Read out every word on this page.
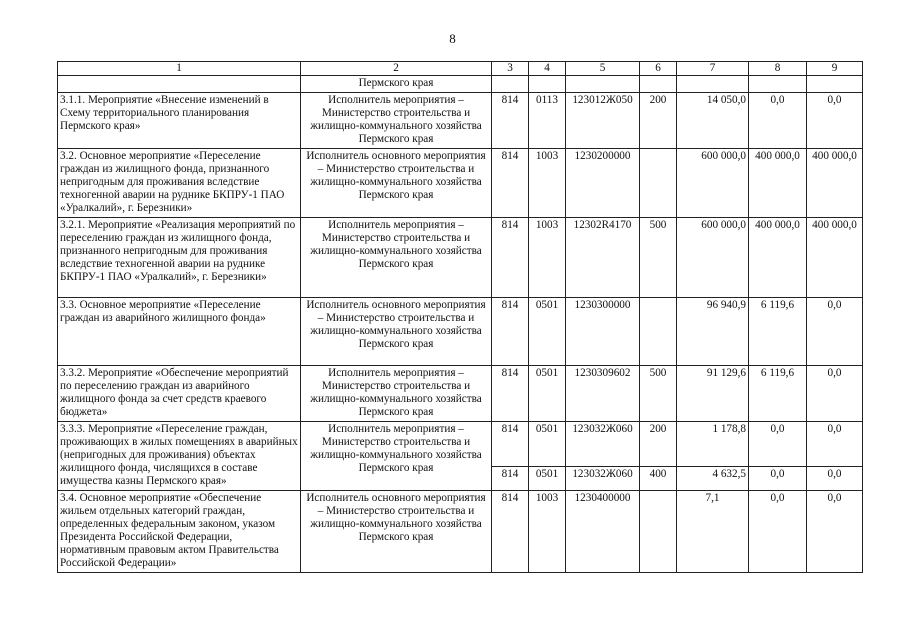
8
1	2	3	4	5	6	7	8	9
	Пермского края							
3.1.1. Мероприятие «Внесение изменений в Схему территориального планирования Пермского края»	Исполнитель мероприятия – Министерство строительства и жилищно-коммунального хозяйства Пермского края	814	0113	123012Ж050	200	14 050,0	0,0	0,0
3.2. Основное мероприятие «Переселение граждан из жилищного фонда, признанного непригодным для проживания вследствие техногенной аварии на руднике БКПРУ-1 ПАО «Уралкалий», г. Березники»	Исполнитель основного мероприятия – Министерство строительства и жилищно-коммунального хозяйства Пермского края	814	1003	1230200000		600 000,0	400 000,0	400 000,0
3.2.1. Мероприятие «Реализация мероприятий по переселению граждан из жилищного фонда, признанного непригодным для проживания вследствие техногенной аварии на руднике БКПРУ-1 ПАО «Уралкалий», г. Березники»	Исполнитель мероприятия – Министерство строительства и жилищно-коммунального хозяйства Пермского края	814	1003	12302R4170	500	600 000,0	400 000,0	400 000,0
3.3. Основное мероприятие «Переселение граждан из аварийного жилищного фонда»	Исполнитель основного мероприятия – Министерство строительства и жилищно-коммунального хозяйства Пермского края	814	0501	1230300000		96 940,9	6 119,6	0,0
3.3.2. Мероприятие «Обеспечение мероприятий по переселению граждан из аварийного жилищного фонда за счет средств краевого бюджета»	Исполнитель мероприятия – Министерство строительства и жилищно-коммунального хозяйства Пермского края	814	0501	1230309602	500	91 129,6	6 119,6	0,0
3.3.3. Мероприятие «Переселение граждан, проживающих в жилых помещениях в аварийных (непригодных для проживания) объектах жилищного фонда, числящихся в составе имущества казны Пермского края»	Исполнитель мероприятия – Министерство строительства и жилищно-коммунального хозяйства Пермского края	814	0501	123032Ж060	200	1 178,8	0,0	0,0
		814	0501	123032Ж060	400	4 632,5	0,0	0,0
3.4. Основное мероприятие «Обеспечение жильем отдельных категорий граждан, определенных федеральным законом, указом Президента Российской Федерации, нормативным правовым актом Правительства Российской Федерации»	Исполнитель основного мероприятия – Министерство строительства и жилищно-коммунального хозяйства Пермского края	814	1003	1230400000		7,1	0,0	0,0
